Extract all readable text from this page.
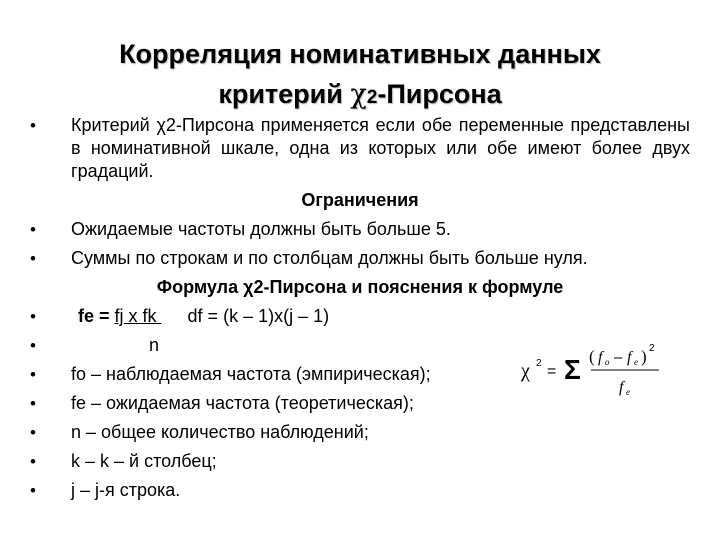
Корреляция номинативных данных
критерий χ2-Пирсона

• Критерий χ2-Пирсона применяется если обе переменные представлены в номинативной шкале, одна из которых или обе имеют более двух градаций.

Ограничения

• Ожидаемые частоты должны быть больше 5.

• Суммы по строкам и по столбцам должны быть больше нуля.

Формула χ2-Пирсона и пояснения к формуле

• fe = fj x fk df = (k – 1)x(j – 1)

•	n

• fo – наблюдаемая частота (эмпирическая);

• fe – ожидаемая частота (теоретическая);

• n – общее количество наблюдений;

• k – k – й столбец;

• j – j-я строка.

χ 2 = Σ ( f o – f e ) 2
f e
